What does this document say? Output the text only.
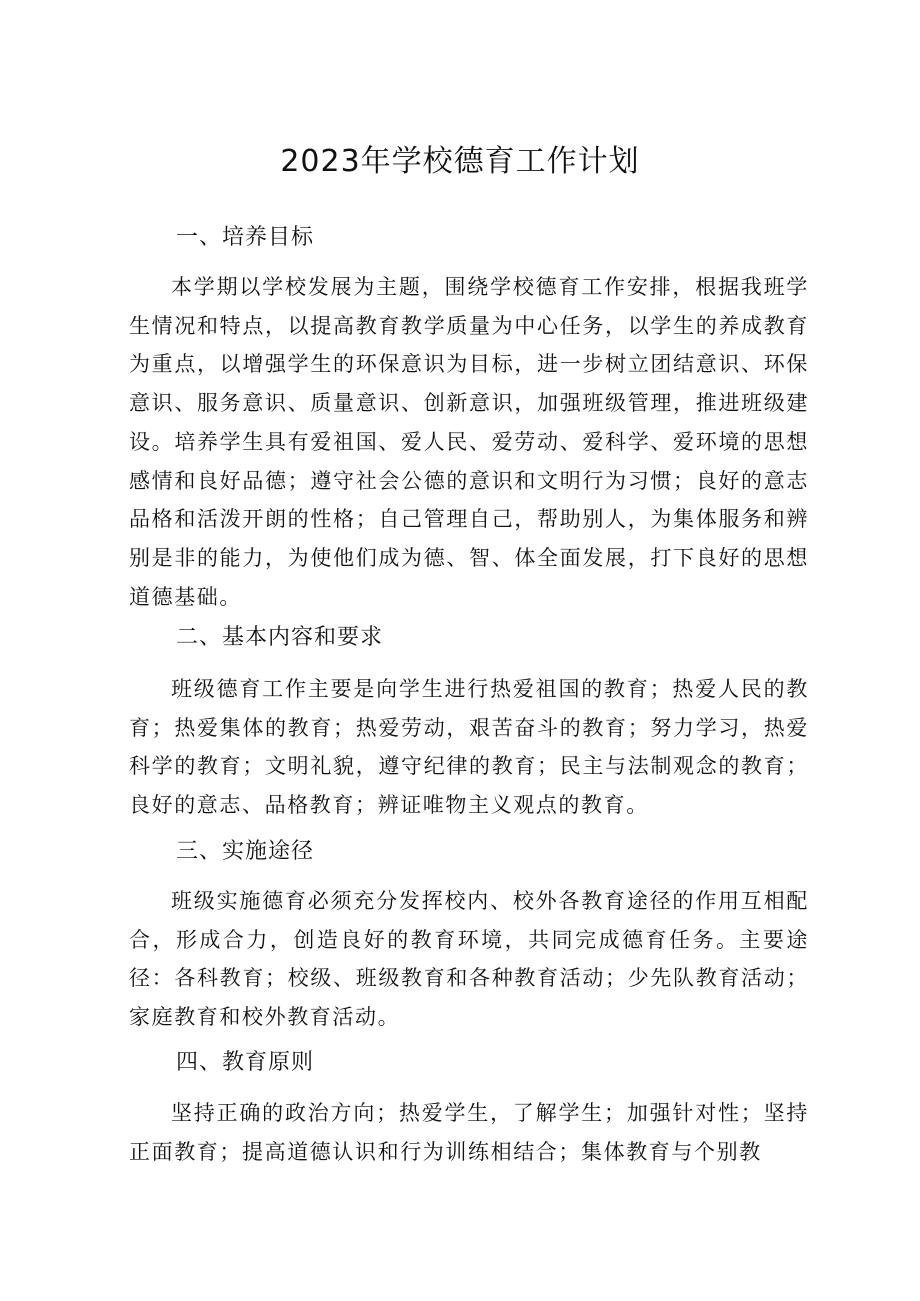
2023年学校德育工作计划
一、培养目标

本学期以学校发展为主题，围绕学校德育工作安排，根据我班学生情况和特点，以提高教育教学质量为中心任务，以学生的养成教育为重点，以增强学生的环保意识为目标，进一步树立团结意识、环保意识、服务意识、质量意识、创新意识，加强班级管理，推进班级建设。培养学生具有爱祖国、爱人民、爱劳动、爱科学、爱环境的思想感情和良好品德；遵守社会公德的意识和文明行为习惯；良好的意志品格和活泼开朗的性格；自己管理自己，帮助别人，为集体服务和辨别是非的能力，为使他们成为德、智、体全面发展，打下良好的思想道德基础。

二、基本内容和要求

班级德育工作主要是向学生进行热爱祖国的教育；热爱人民的教育；热爱集体的教育；热爱劳动，艰苦奋斗的教育；努力学习，热爱科学的教育；文明礼貌，遵守纪律的教育；民主与法制观念的教育；良好的意志、品格教育；辨证唯物主义观点的教育。

三、实施途径

班级实施德育必须充分发挥校内、校外各教育途径的作用互相配合，形成合力，创造良好的教育环境，共同完成德育任务。主要途径：各科教育；校级、班级教育和各种教育活动；少先队教育活动；家庭教育和校外教育活动。

四、教育原则

坚持正确的政治方向；热爱学生，了解学生；加强针对性；坚持正面教育；提高道德认识和行为训练相结合；集体教育与个别教
